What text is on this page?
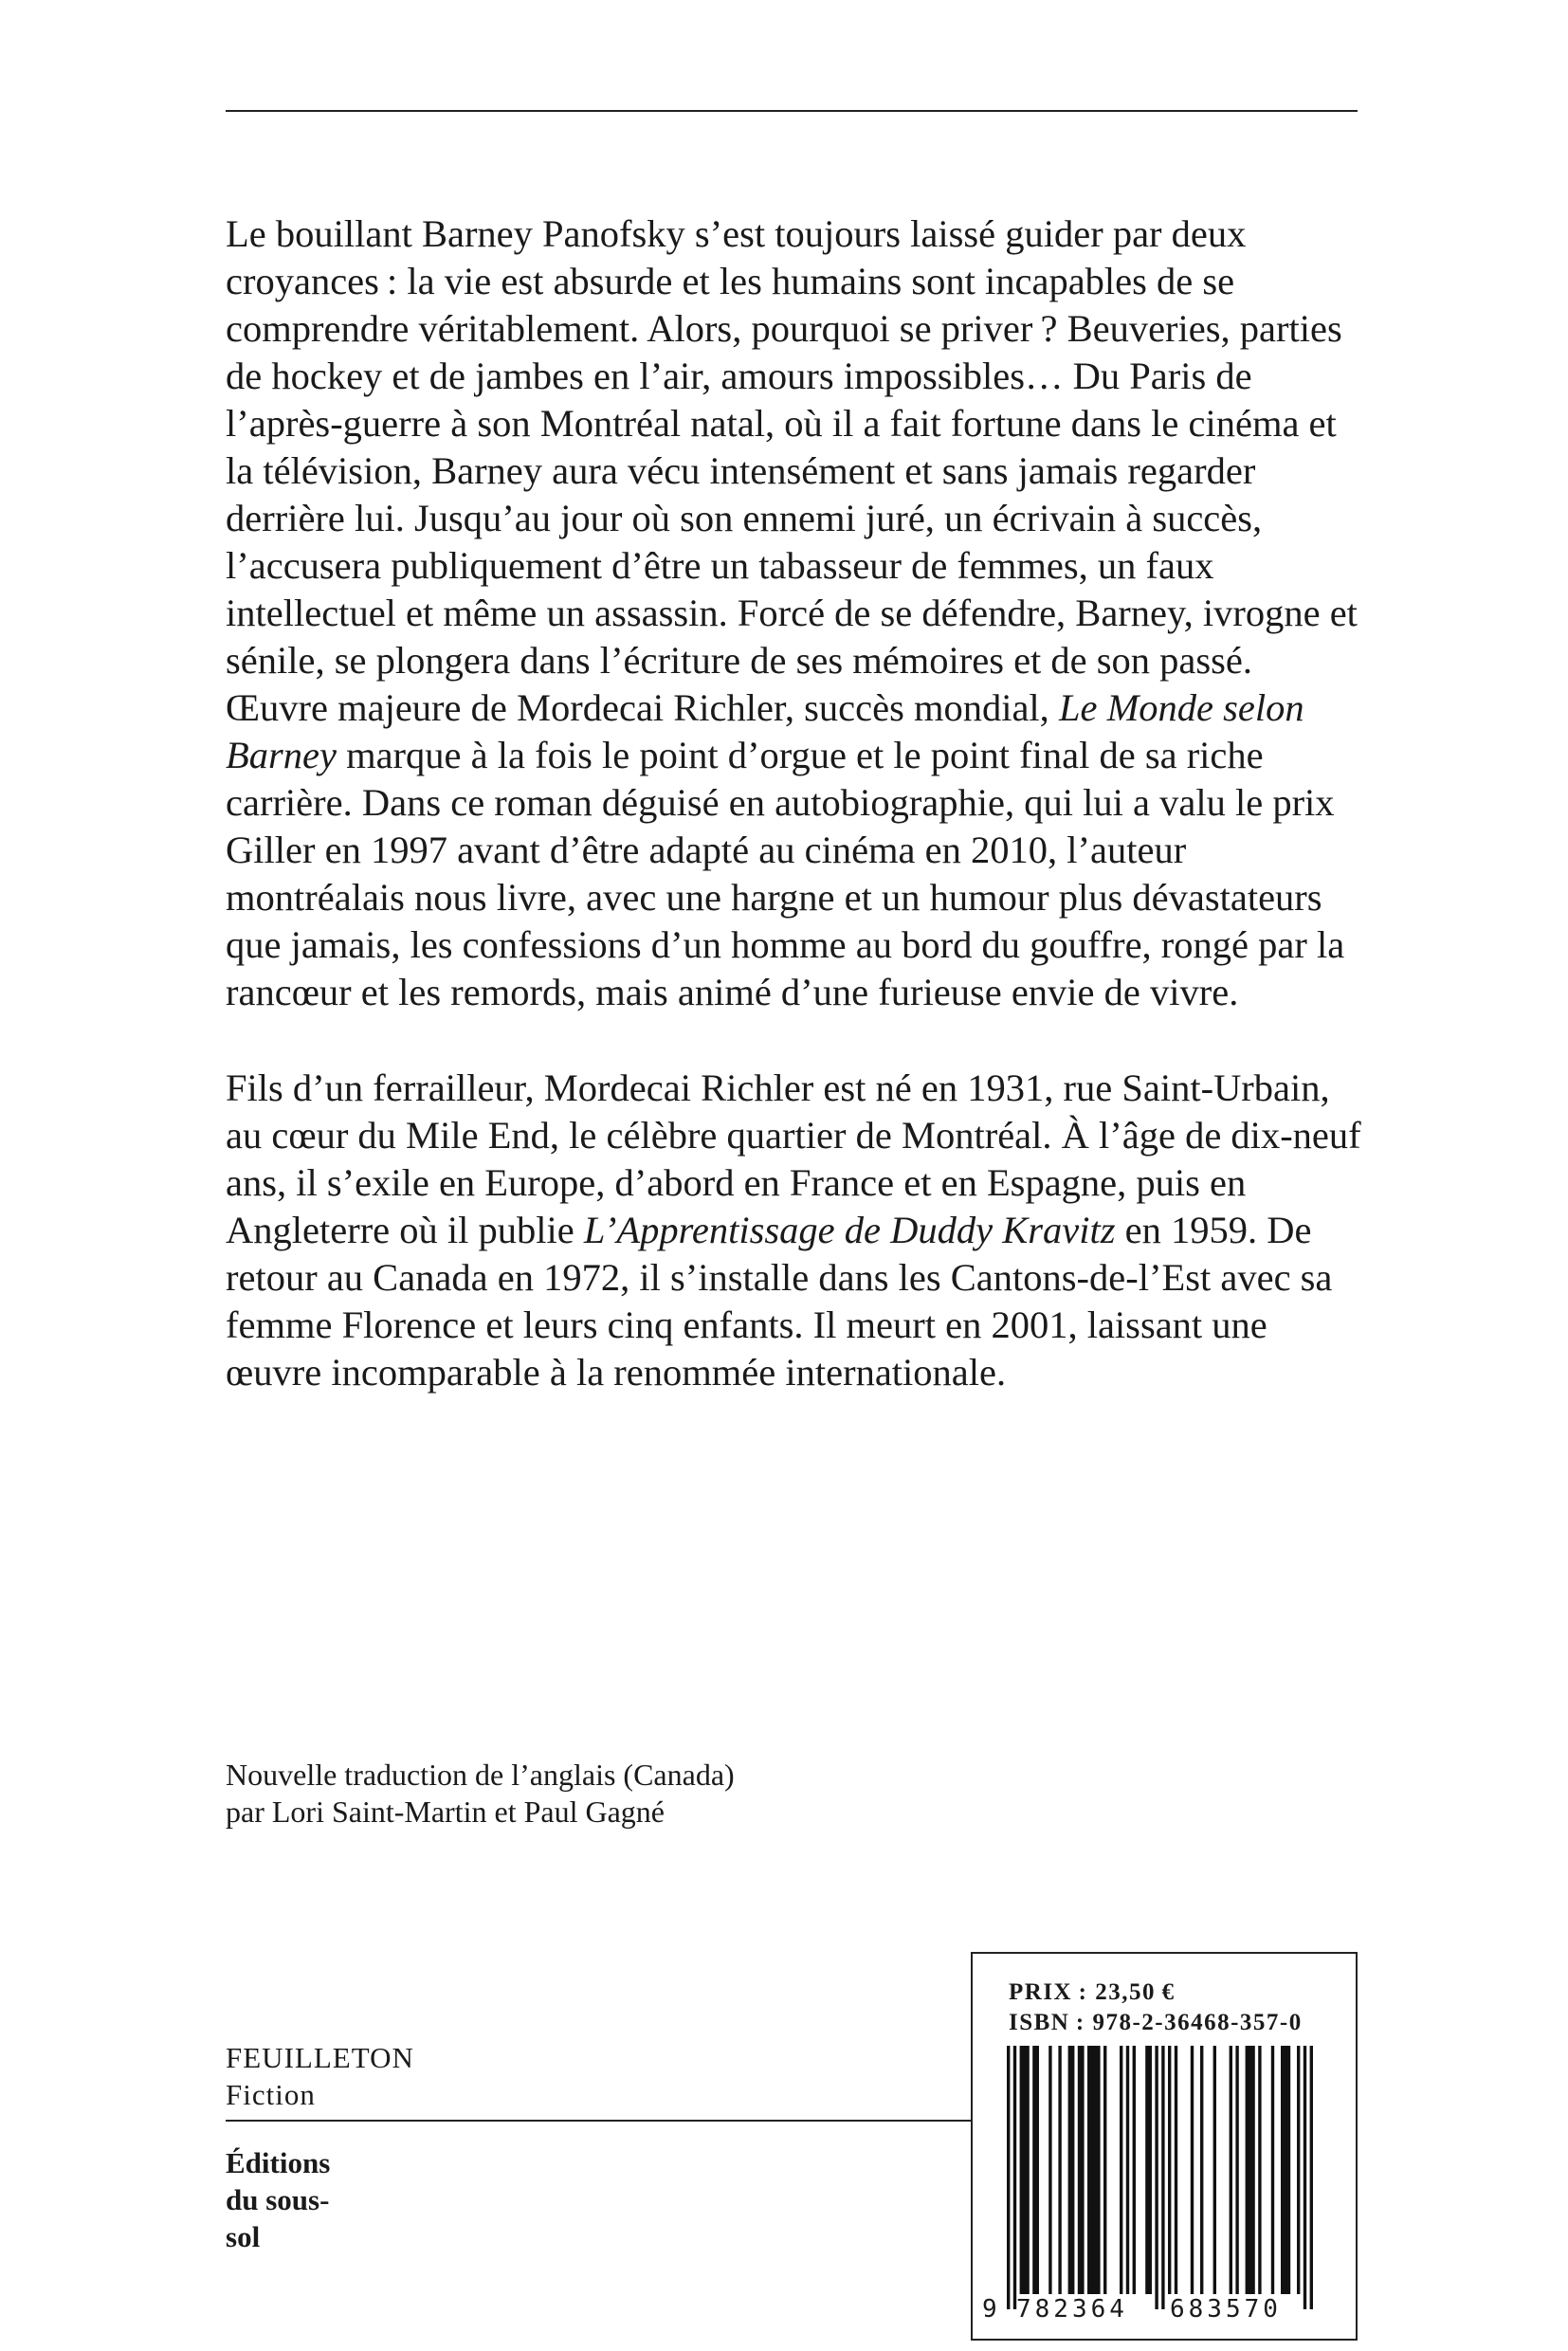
Le bouillant Barney Panofsky s’est toujours laissé guider par deux croyances : la vie est absurde et les humains sont incapables de se comprendre véritablement. Alors, pourquoi se priver ? Beuveries, parties de hockey et de jambes en l’air, amours impossibles… Du Paris de l’après-guerre à son Montréal natal, où il a fait fortune dans le cinéma et la télévision, Barney aura vécu intensément et sans jamais regarder derrière lui. Jusqu’au jour où son ennemi juré, un écrivain à succès, l’accusera publiquement d’être un tabasseur de femmes, un faux intellectuel et même un assassin. Forcé de se défendre, Barney, ivrogne et sénile, se plongera dans l’écriture de ses mémoires et de son passé. Œuvre majeure de Mordecai Richler, succès mondial, Le Monde selon Barney marque à la fois le point d’orgue et le point final de sa riche carrière. Dans ce roman déguisé en autobiographie, qui lui a valu le prix Giller en 1997 avant d’être adapté au cinéma en 2010, l’auteur montréalais nous livre, avec une hargne et un humour plus dévastateurs que jamais, les confessions d’un homme au bord du gouffre, rongé par la rancœur et les remords, mais animé d’une furieuse envie de vivre.

Fils d’un ferrailleur, Mordecai Richler est né en 1931, rue Saint-Urbain, au cœur du Mile End, le célèbre quartier de Montréal. À l’âge de dix-neuf ans, il s’exile en Europe, d’abord en France et en Espagne, puis en Angleterre où il publie L’Apprentissage de Duddy Kravitz en 1959. De retour au Canada en 1972, il s’installe dans les Cantons-de-l’Est avec sa femme Florence et leurs cinq enfants. Il meurt en 2001, laissant une œuvre incomparable à la renommée internationale.

Nouvelle traduction de l’anglais (Canada)
par Lori Saint-Martin et Paul Gagné
FEUILLETON
Fiction
Éditions
du sous-
sol
PRIX : 23,50 €
ISBN : 978-2-36468-357-0
9 782364 683570
